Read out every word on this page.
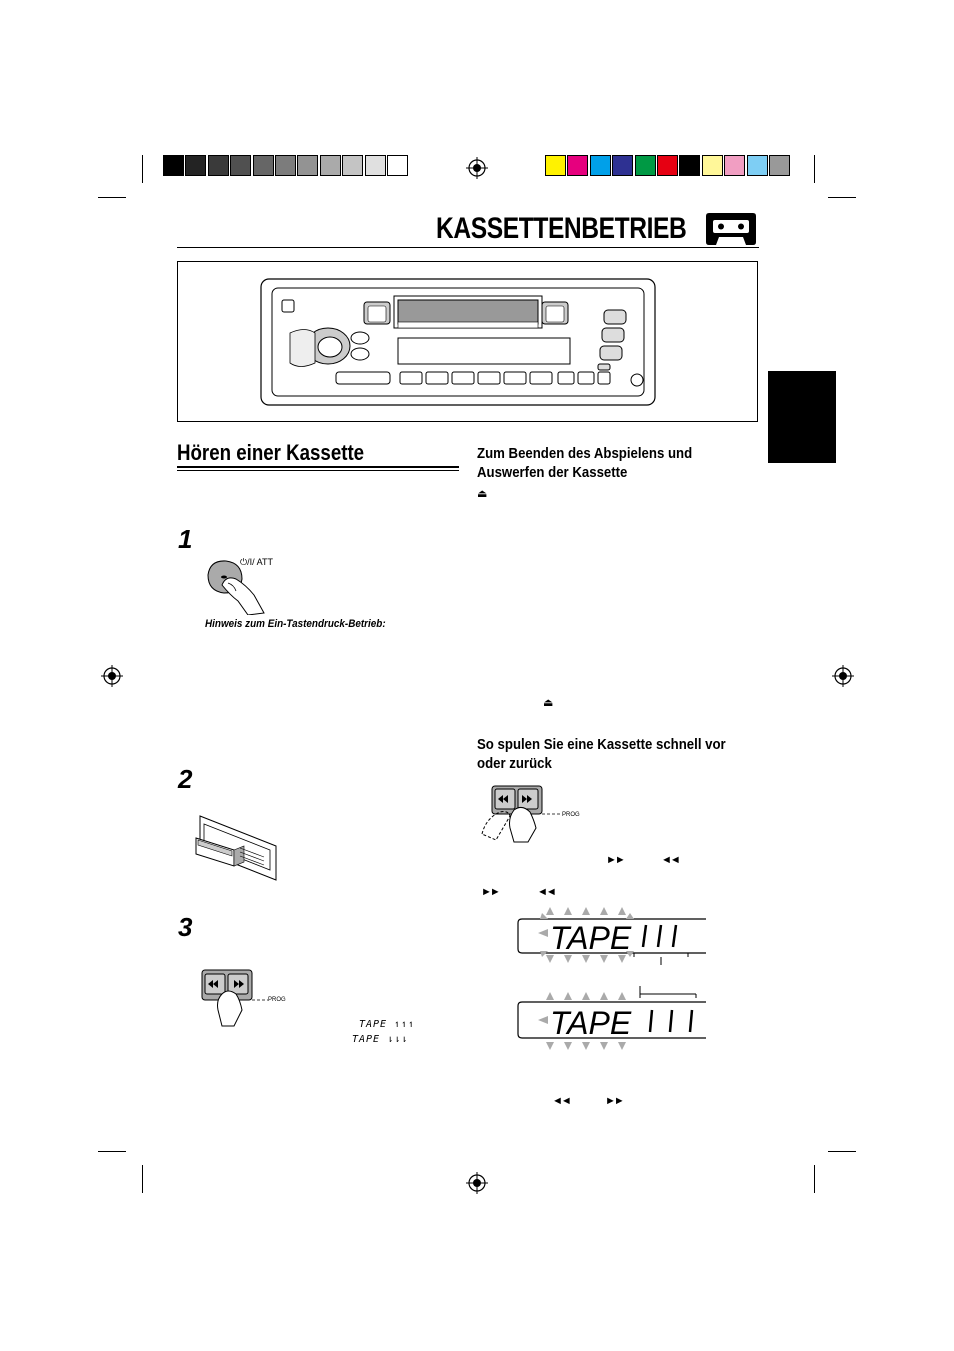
KASSETTENBETRIEB
Hören einer Kassette
1
⏻/I/ ATT
Hinweis zum Ein-Tastendruck-Betrieb:
2
3
PROG
TAPE ↿↿↿
TAPE ⇂⇂⇂
Zum Beenden des Abspielens und Auswerfen der Kassette
⏏
⏏
So spulen Sie eine Kassette schnell vor oder zurück
PROG
►►	◄◄
►►	◄◄
TAPE
TAPE
◄◄	►►
